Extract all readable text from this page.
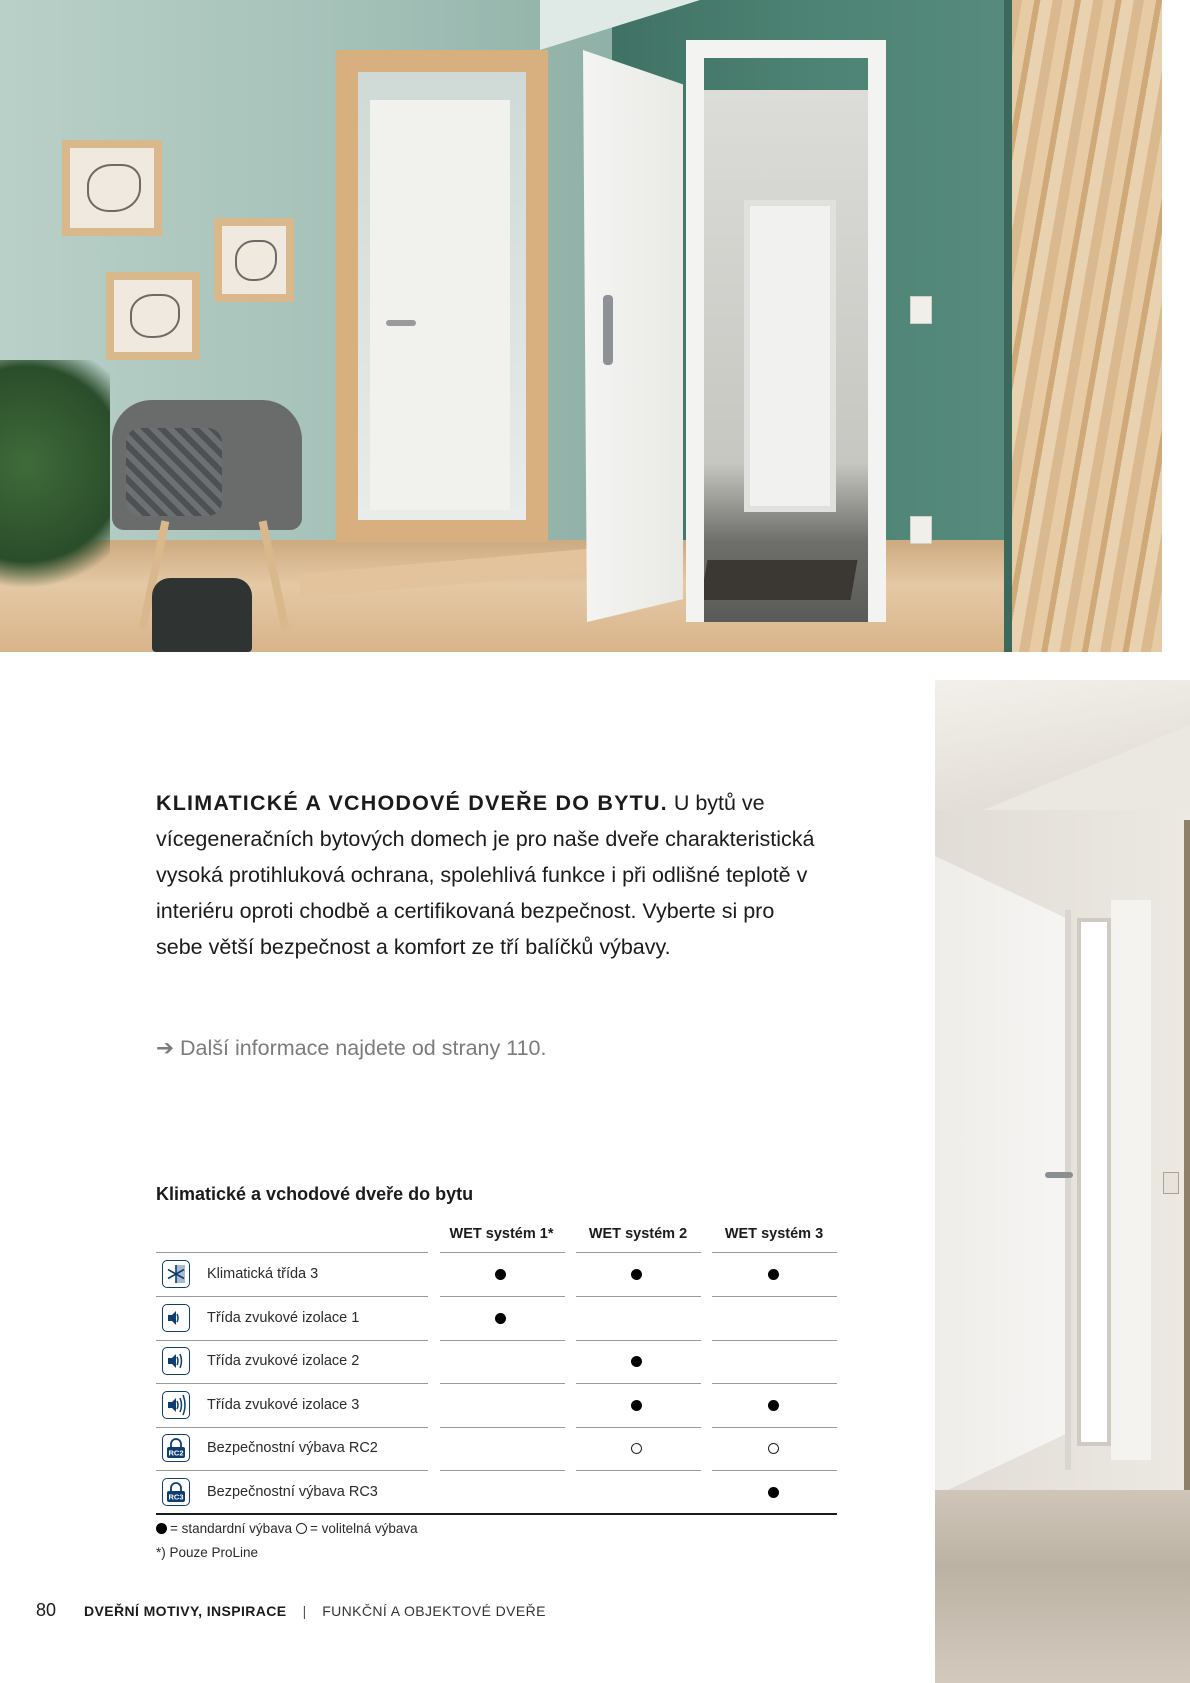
KLIMATICKÉ A VCHODOVÉ DVEŘE DO BYTU. U bytů ve vícegeneračních bytových domech je pro naše dveře charakteristická vysoká protihluková ochrana, spolehlivá funkce i při odlišné teplotě v interiéru oproti chodbě a certifikovaná bezpečnost. Vyberte si pro sebe větší bezpečnost a komfort ze tří balíčků výbavy.

➔ Další informace najdete od strany 110.

Klimatické a vchodové dveře do bytu

WET systém 1*	WET systém 2	WET systém 3
Klimatická třída 3
Třída zvukové izolace 1
Třída zvukové izolace 2
Třída zvukové izolace 3
RC2 Bezpečnostní výbava RC2
RC3 Bezpečnostní výbava RC3
= standardní výbava = volitelná výbava
*) Pouze ProLine
80 DVEŘNÍ MOTIVY, INSPIRACE | FUNKČNÍ A OBJEKTOVÉ DVEŘE
